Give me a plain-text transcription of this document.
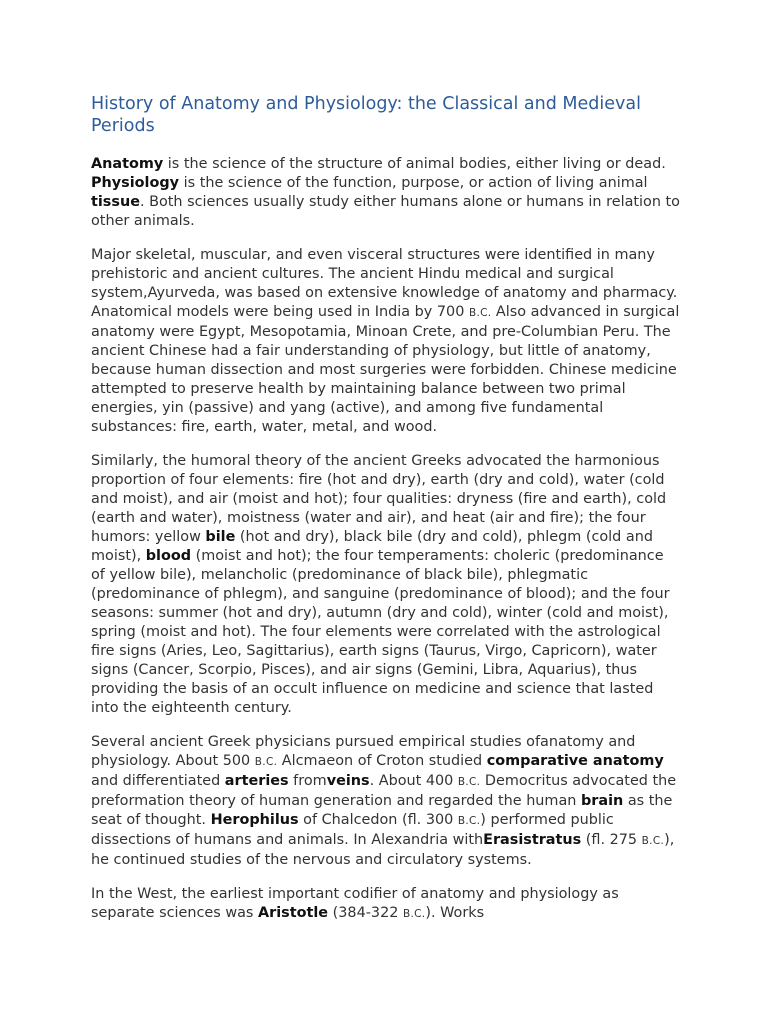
History of Anatomy and Physiology: the Classical and Medieval Periods

Anatomy is the science of the structure of animal bodies, either living or dead. Physiology is the science of the function, purpose, or action of living animal tissue. Both sciences usually study either humans alone or humans in relation to other animals.

Major skeletal, muscular, and even visceral structures were identified in many prehistoric and ancient cultures. The ancient Hindu medical and surgical system,Ayurveda, was based on extensive knowledge of anatomy and pharmacy. Anatomical models were being used in India by 700 B.C. Also advanced in surgical anatomy were Egypt, Mesopotamia, Minoan Crete, and pre-Columbian Peru. The ancient Chinese had a fair understanding of physiology, but little of anatomy, because human dissection and most surgeries were forbidden. Chinese medicine attempted to preserve health by maintaining balance between two primal energies, yin (passive) and yang (active), and among five fundamental substances: fire, earth, water, metal, and wood.

Similarly, the humoral theory of the ancient Greeks advocated the harmonious proportion of four elements: fire (hot and dry), earth (dry and cold), water (cold and moist), and air (moist and hot); four qualities: dryness (fire and earth), cold (earth and water), moistness (water and air), and heat (air and fire); the four humors: yellow bile (hot and dry), black bile (dry and cold), phlegm (cold and moist), blood (moist and hot); the four temperaments: choleric (predominance of yellow bile), melancholic (predominance of black bile), phlegmatic (predominance of phlegm), and sanguine (predominance of blood); and the four seasons: summer (hot and dry), autumn (dry and cold), winter (cold and moist), spring (moist and hot). The four elements were correlated with the astrological fire signs (Aries, Leo, Sagittarius), earth signs (Taurus, Virgo, Capricorn), water signs (Cancer, Scorpio, Pisces), and air signs (Gemini, Libra, Aquarius), thus providing the basis of an occult influence on medicine and science that lasted into the eighteenth century.

Several ancient Greek physicians pursued empirical studies ofanatomy and physiology. About 500 B.C. Alcmaeon of Croton studied comparative anatomy and differentiated arteries fromveins. About 400 B.C. Democritus advocated the preformation theory of human generation and regarded the human brain as the seat of thought. Herophilus of Chalcedon (fl. 300 B.C.) performed public dissections of humans and animals. In Alexandria withErasistratus (fl. 275 B.C.), he continued studies of the nervous and circulatory systems.

In the West, the earliest important codifier of anatomy and physiology as separate sciences was Aristotle (384-322 B.C.). Works
